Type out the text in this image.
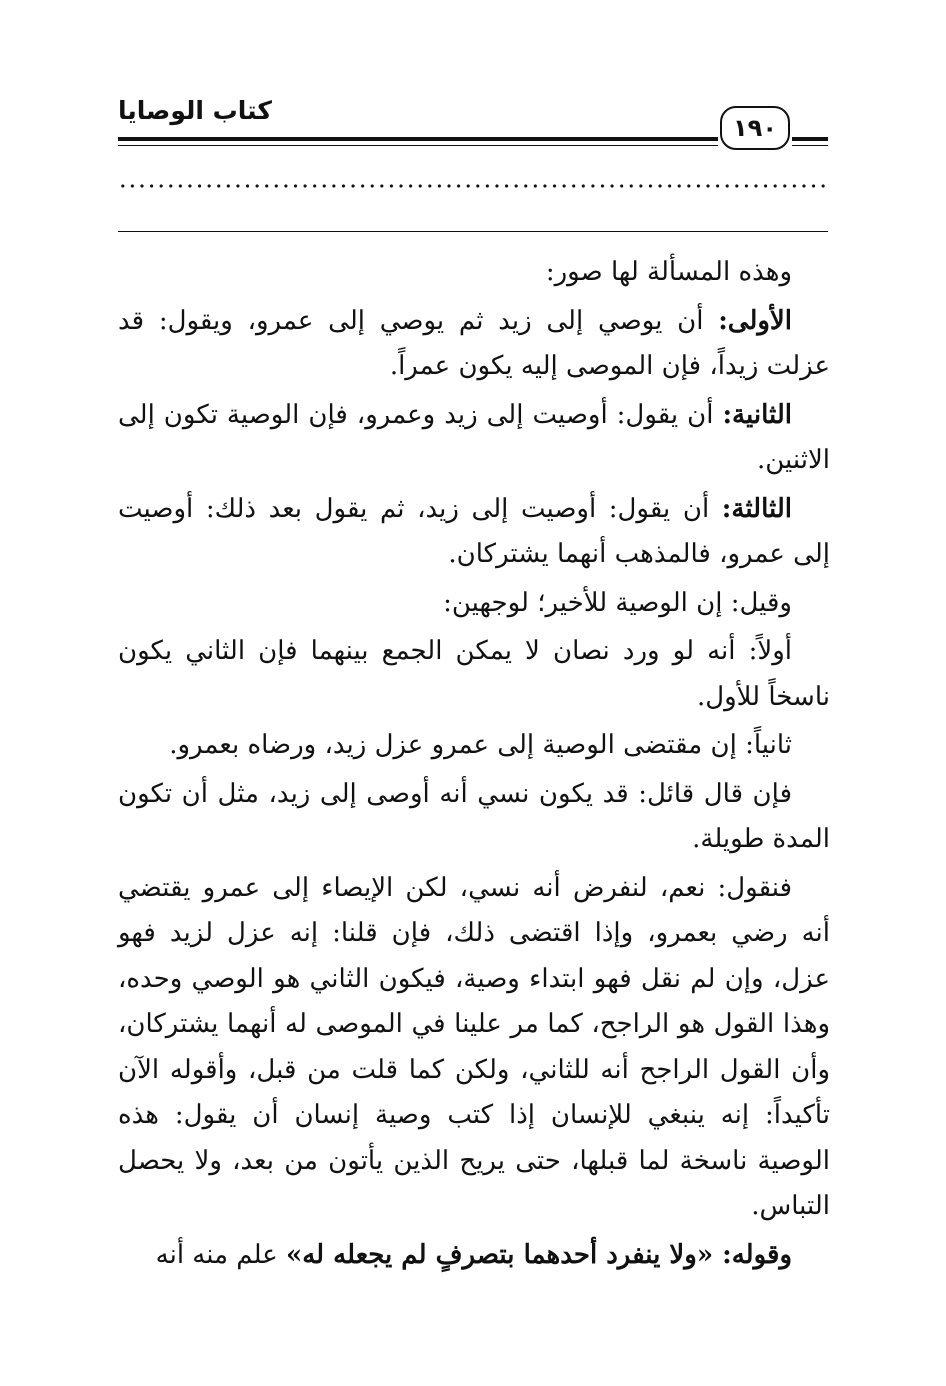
كتاب الوصايا
١٩٠

وهذه المسألة لها صور:

الأولى: أن يوصي إلى زيد ثم يوصي إلى عمرو، ويقول: قد عزلت زيداً، فإن الموصى إليه يكون عمراً.

الثانية: أن يقول: أوصيت إلى زيد وعمرو، فإن الوصية تكون إلى الاثنين.

الثالثة: أن يقول: أوصيت إلى زيد، ثم يقول بعد ذلك: أوصيت إلى عمرو، فالمذهب أنهما يشتركان.

وقيل: إن الوصية للأخير؛ لوجهين:

أولاً: أنه لو ورد نصان لا يمكن الجمع بينهما فإن الثاني يكون ناسخاً للأول.

ثانياً: إن مقتضى الوصية إلى عمرو عزل زيد، ورضاه بعمرو.

فإن قال قائل: قد يكون نسي أنه أوصى إلى زيد، مثل أن تكون المدة طويلة.

فنقول: نعم، لنفرض أنه نسي، لكن الإيصاء إلى عمرو يقتضي أنه رضي بعمرو، وإذا اقتضى ذلك، فإن قلنا: إنه عزل لزيد فهو عزل، وإن لم نقل فهو ابتداء وصية، فيكون الثاني هو الوصي وحده، وهذا القول هو الراجح، كما مر علينا في الموصى له أنهما يشتركان، وأن القول الراجح أنه للثاني، ولكن كما قلت من قبل، وأقوله الآن تأكيداً: إنه ينبغي للإنسان إذا كتب وصية إنسان أن يقول: هذه الوصية ناسخة لما قبلها، حتى يريح الذين يأتون من بعد، ولا يحصل التباس.

وقوله: «ولا ينفرد أحدهما بتصرفٍ لم يجعله له» علم منه أنه
